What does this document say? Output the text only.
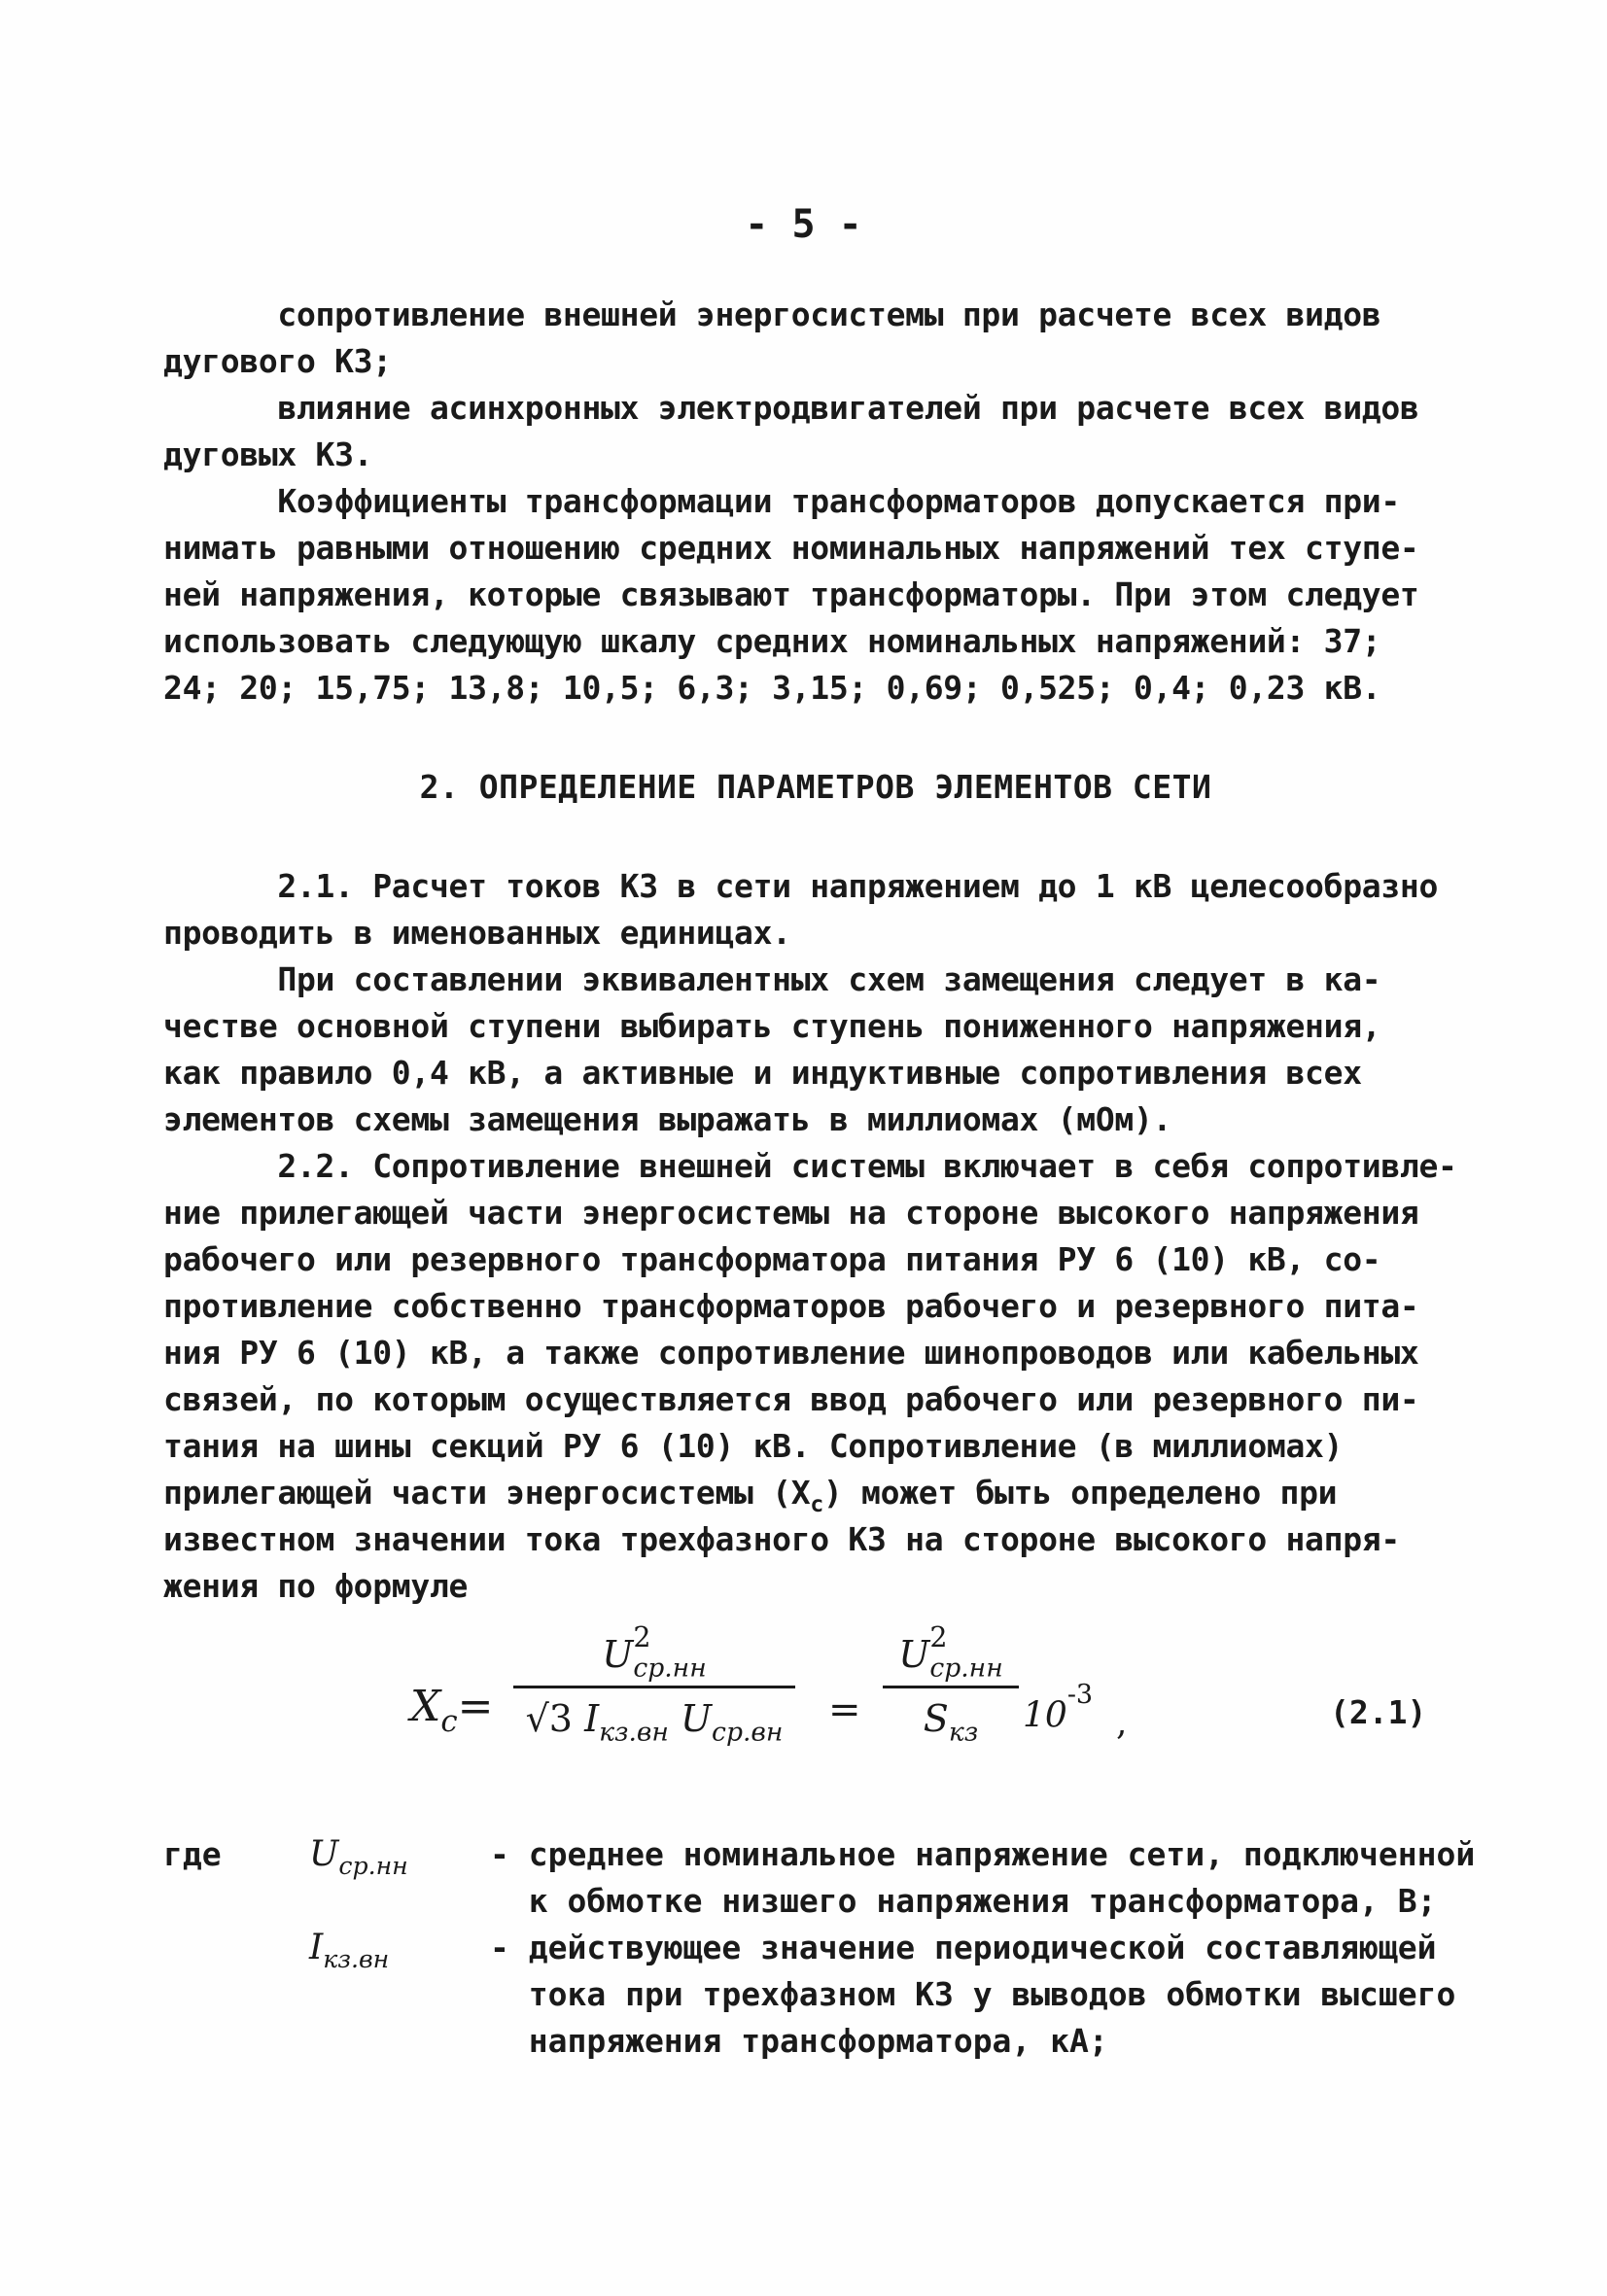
- 5 -
сопротивление внешней энергосистемы при расчете всех видов
дугового КЗ;
влияние асинхронных электродвигателей при расчете всех видов
дуговых КЗ.
Коэффициенты трансформации трансформаторов допускается при-
нимать равными отношению средних номинальных напряжений тех ступе-
ней напряжения, которые связывают трансформаторы. При этом следует
использовать следующую шкалу средних номинальных напряжений: 37;
24; 20; 15,75; 13,8; 10,5; 6,3; 3,15; 0,69; 0,525; 0,4; 0,23 кВ.
2. ОПРЕДЕЛЕНИЕ ПАРАМЕТРОВ ЭЛЕМЕНТОВ СЕТИ
2.1. Расчет токов КЗ в сети напряжением до 1 кВ целесообразно
проводить в именованных единицах.
При составлении эквивалентных схем замещения следует в ка-
честве основной ступени выбирать ступень пониженного напряжения,
как правило 0,4 кВ, а активные и индуктивные сопротивления всех
элементов схемы замещения выражать в миллиомах (мОм).
2.2. Сопротивление внешней системы включает в себя сопротивле-
ние прилегающей части энергосистемы на стороне высокого напряжения
рабочего или резервного трансформатора питания РУ 6 (10) кВ, со-
противление собственно трансформаторов рабочего и резервного пита-
ния РУ 6 (10) кВ, а также сопротивление шинопроводов или кабельных
связей, по которым осуществляется ввод рабочего или резервного пи-
тания на шины секций РУ 6 (10) кВ. Сопротивление (в миллиомах)
прилегающей части энергосистемы $(X_c)$ может быть определено при
известном значении тока трехфазного КЗ на стороне высокого напря-
жения по формуле
$X_c=$
U 2
$_{ср.нн}$
√3 $I_{кз.вн}$ $U_{ср.вн}$	=
U 2
$_{ср.нн}$
$S_{кз}$	$10^{-3}$
,	(2.1)
где	$U_{ср.нн}$	- среднее номинальное напряжение сети, подключенной
к обмотке низшего напряжения трансформатора, В;
$I_{кз.вн}$	- действующее значение периодической составляющей
тока при трехфазном КЗ у выводов обмотки высшего
напряжения трансформатора, кА;
